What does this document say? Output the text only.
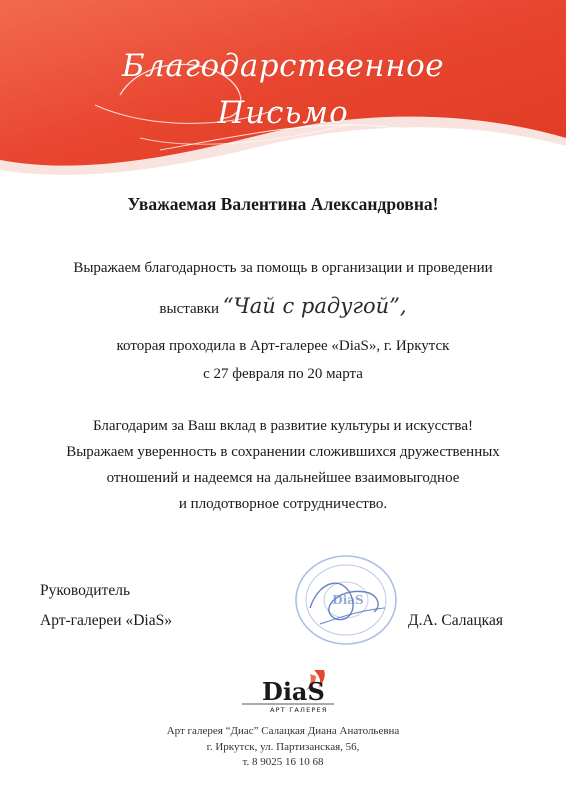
Благодарственное
Письмо
Уважаемая Валентина Александровна!
Выражаем благодарность за помощь в организации и проведении
выставки “Чай с радугой”,
которая проходила в Арт-галерее «DiaS», г. Иркутск
с 27 февраля по 20 марта
Благодарим за Ваш вклад в развитие культуры и искусства!
Выражаем уверенность в сохранении сложившихся дружественных
отношений и надеемся на дальнейшее взаимовыгодное
и плодотворное сотрудничество.
DiaS
Руководитель
Арт-галереи «DiaS»	Д.А. Салацкая
DiaS
АРТ ГАЛЕРЕЯ
Арт галерея “Диас” Салацкая Диана Анатольевна
г. Иркутск, ул. Партизанская, 56,
т. 8 9025 16 10 68
